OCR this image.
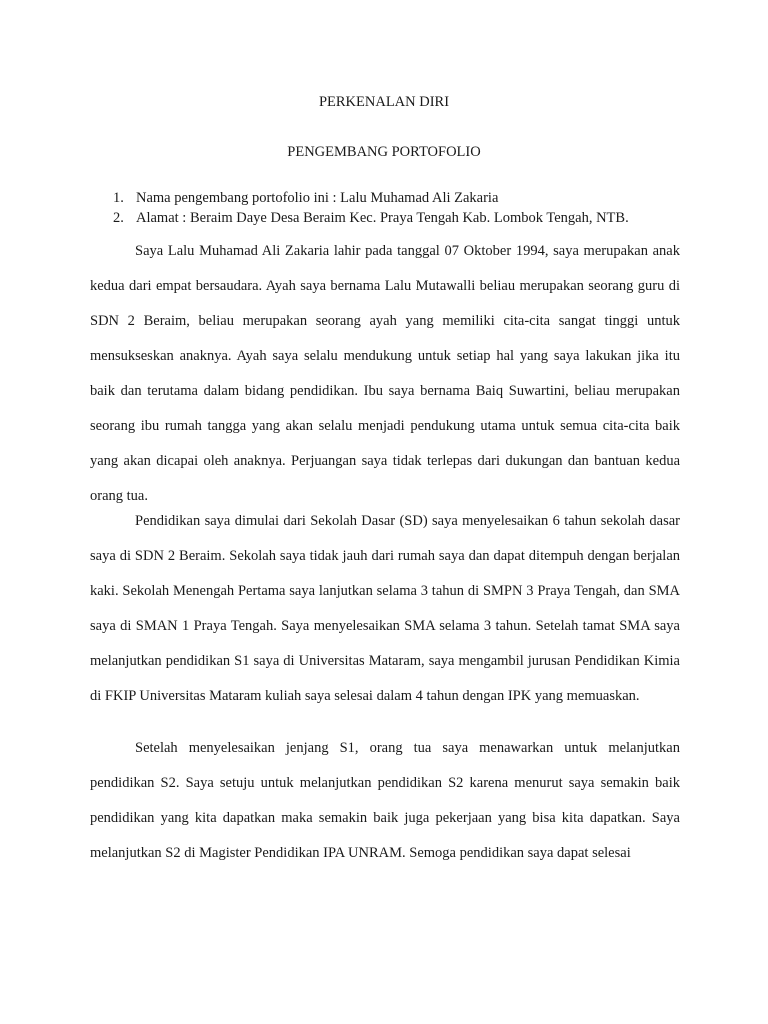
PERKENALAN DIRI

PENGEMBANG PORTOFOLIO

1. Nama pengembang portofolio ini : Lalu Muhamad Ali Zakaria
2. Alamat : Beraim Daye Desa Beraim Kec. Praya Tengah Kab. Lombok Tengah, NTB.

Saya Lalu Muhamad Ali Zakaria lahir pada tanggal 07 Oktober 1994, saya merupakan anak kedua dari empat bersaudara. Ayah saya bernama Lalu Mutawalli beliau merupakan seorang guru di SDN 2 Beraim, beliau merupakan seorang ayah yang memiliki cita-cita sangat tinggi untuk mensukseskan anaknya. Ayah saya selalu mendukung untuk setiap hal yang saya lakukan jika itu baik dan terutama dalam bidang pendidikan. Ibu saya bernama Baiq Suwartini, beliau merupakan seorang ibu rumah tangga yang akan selalu menjadi pendukung utama untuk semua cita-cita baik yang akan dicapai oleh anaknya. Perjuangan saya tidak terlepas dari dukungan dan bantuan kedua orang tua.

Pendidikan saya dimulai dari Sekolah Dasar (SD) saya menyelesaikan 6 tahun sekolah dasar saya di SDN 2 Beraim. Sekolah saya tidak jauh dari rumah saya dan dapat ditempuh dengan berjalan kaki. Sekolah Menengah Pertama saya lanjutkan selama 3 tahun di SMPN 3 Praya Tengah, dan SMA saya di SMAN 1 Praya Tengah. Saya menyelesaikan SMA selama 3 tahun. Setelah tamat SMA saya melanjutkan pendidikan S1 saya di Universitas Mataram, saya mengambil jurusan Pendidikan Kimia di FKIP Universitas Mataram kuliah saya selesai dalam 4 tahun dengan IPK yang memuaskan.

Setelah menyelesaikan jenjang S1, orang tua saya menawarkan untuk melanjutkan pendidikan S2. Saya setuju untuk melanjutkan pendidikan S2 karena menurut saya semakin baik pendidikan yang kita dapatkan maka semakin baik juga pekerjaan yang bisa kita dapatkan. Saya melanjutkan S2 di Magister Pendidikan IPA UNRAM. Semoga pendidikan saya dapat selesai
